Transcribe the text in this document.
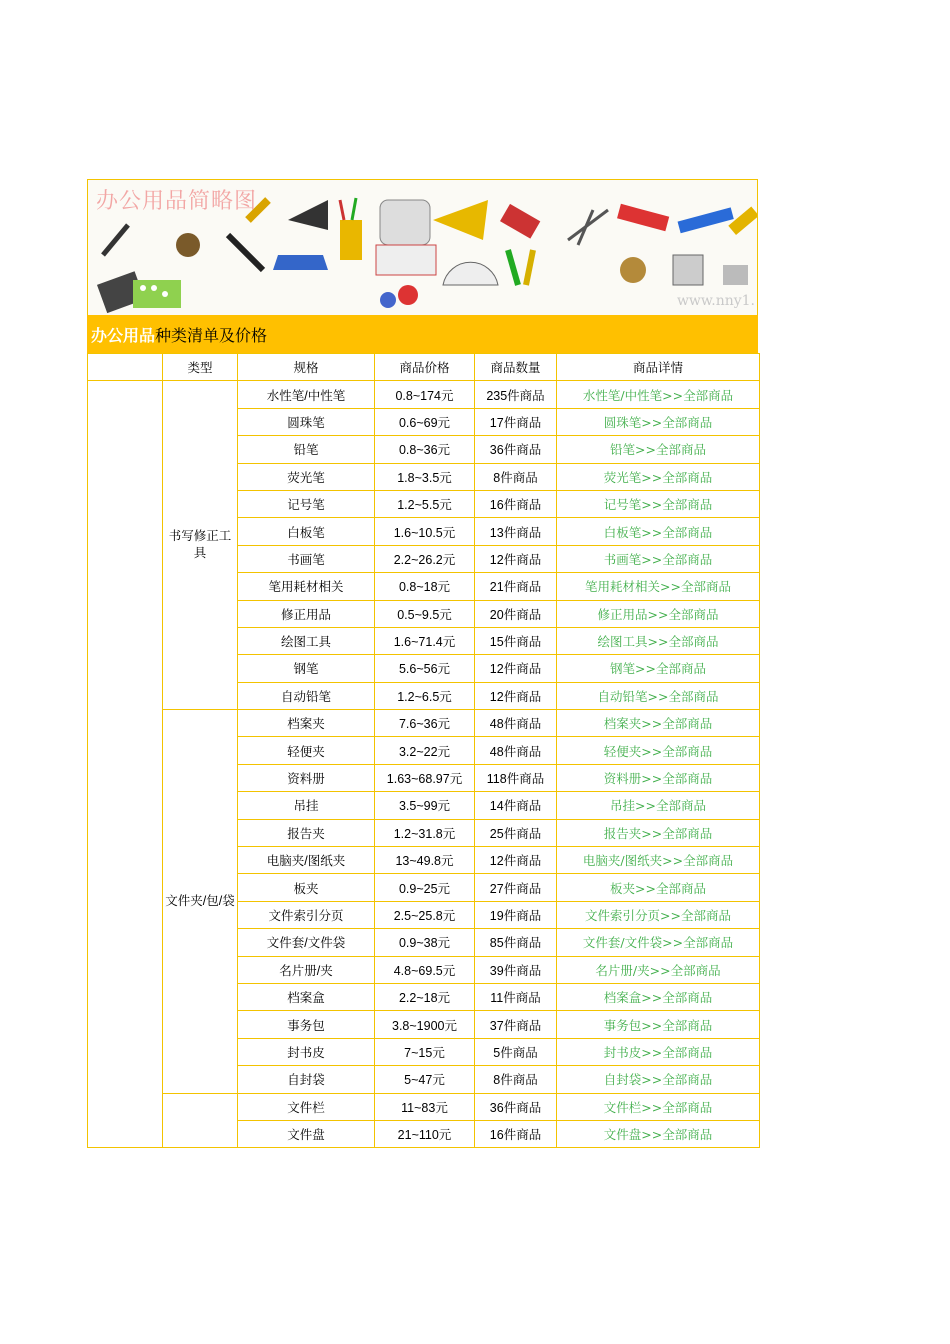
办公用品简略图
www.nny1.
办公用品 种类清单及价格
	类型	规格	商品价格	商品数量	商品详情
	书写修正工具	水性笔/中性笔	0.8~174元	235件商品	水性笔/中性笔>>全部商品
		圆珠笔	0.6~69元	17件商品	圆珠笔>>全部商品
		铅笔	0.8~36元	36件商品	铅笔>>全部商品
		荧光笔	1.8~3.5元	8件商品	荧光笔>>全部商品
		记号笔	1.2~5.5元	16件商品	记号笔>>全部商品
		白板笔	1.6~10.5元	13件商品	白板笔>>全部商品
		书画笔	2.2~26.2元	12件商品	书画笔>>全部商品
		笔用耗材相关	0.8~18元	21件商品	笔用耗材相关>>全部商品
		修正用品	0.5~9.5元	20件商品	修正用品>>全部商品
		绘图工具	1.6~71.4元	15件商品	绘图工具>>全部商品
		钢笔	5.6~56元	12件商品	钢笔>>全部商品
		自动铅笔	1.2~6.5元	12件商品	自动铅笔>>全部商品
	文件夹/包/袋	档案夹	7.6~36元	48件商品	档案夹>>全部商品
		轻便夹	3.2~22元	48件商品	轻便夹>>全部商品
		资料册	1.63~68.97元	118件商品	资料册>>全部商品
		吊挂	3.5~99元	14件商品	吊挂>>全部商品
		报告夹	1.2~31.8元	25件商品	报告夹>>全部商品
		电脑夹/图纸夹	13~49.8元	12件商品	电脑夹/图纸夹>>全部商品
		板夹	0.9~25元	27件商品	板夹>>全部商品
		文件索引分页	2.5~25.8元	19件商品	文件索引分页>>全部商品
		文件套/文件袋	0.9~38元	85件商品	文件套/文件袋>>全部商品
		名片册/夹	4.8~69.5元	39件商品	名片册/夹>>全部商品
		档案盒	2.2~18元	11件商品	档案盒>>全部商品
		事务包	3.8~1900元	37件商品	事务包>>全部商品
		封书皮	7~15元	5件商品	封书皮>>全部商品
		自封袋	5~47元	8件商品	自封袋>>全部商品
		文件栏	11~83元	36件商品	文件栏>>全部商品
		文件盘	21~110元	16件商品	文件盘>>全部商品
